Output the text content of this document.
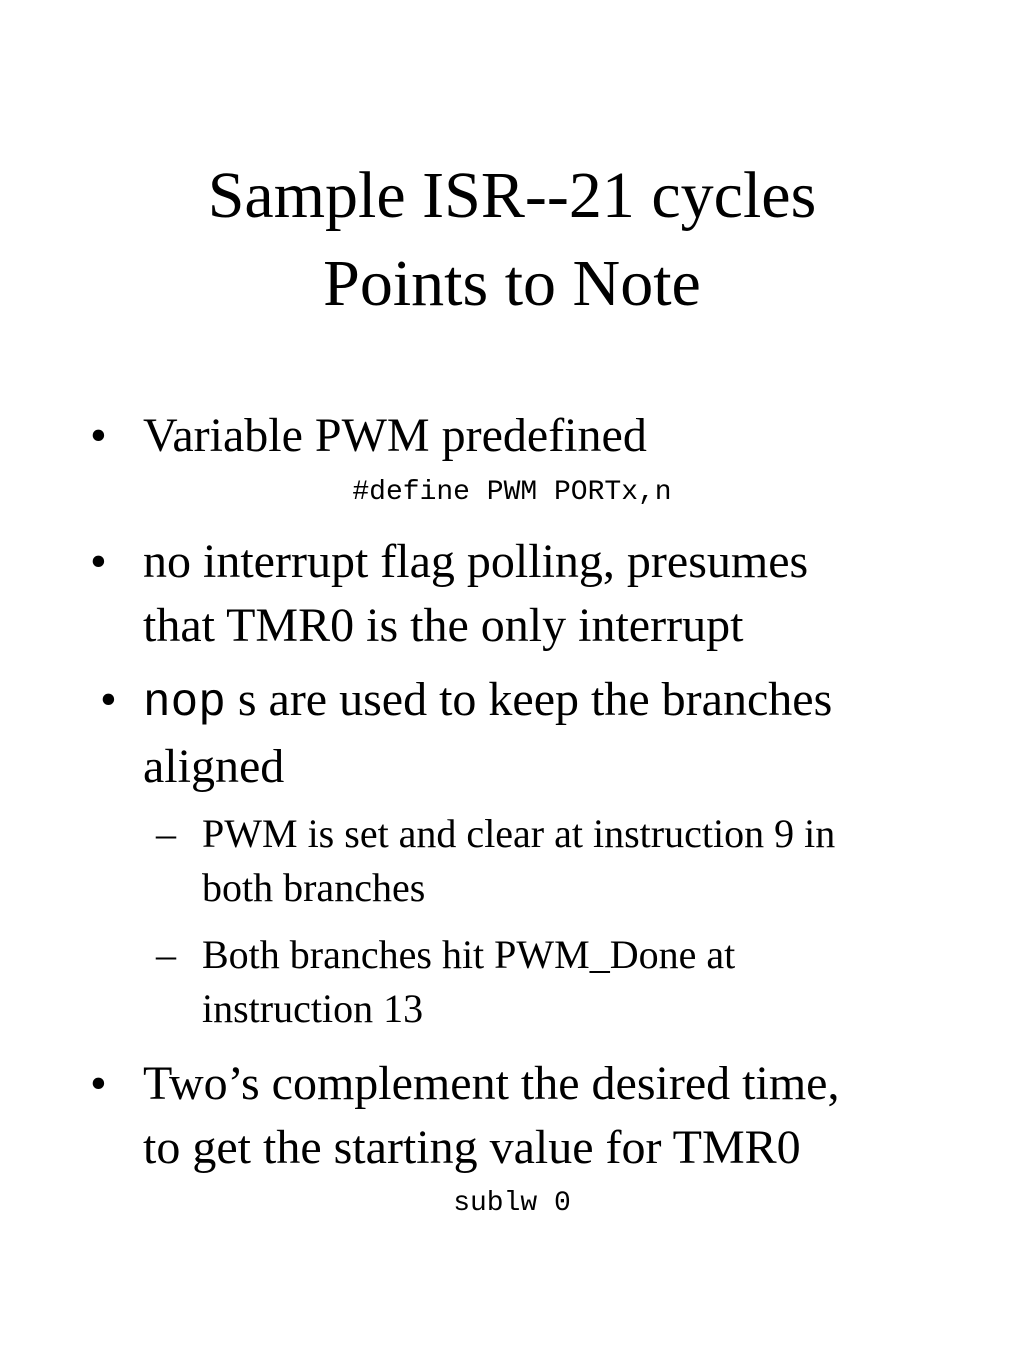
Sample ISR--21 cycles
Points to Note
• Variable PWM predefined
#define PWM PORTx,n
• no interrupt flag polling, presumes
that TMR0 is the only interrupt
• nop s are used to keep the branches
aligned
– PWM is set and clear at instruction 9 in
both branches
– Both branches hit PWM_Done at
instruction 13
• Two’s complement the desired time,
to get the starting value for TMR0
sublw 0
